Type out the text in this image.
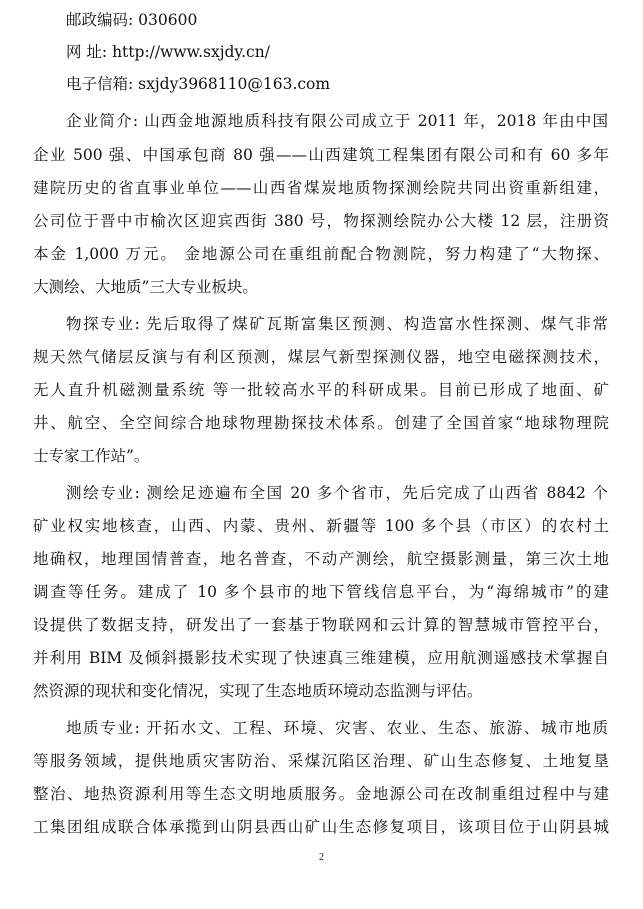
邮政编码: 030600
网 址: http://www.sxjdy.cn/
电子信箱: sxjdy3968110@163.com
企业简介: 山西金地源地质科技有限公司成立于 2011 年，2018 年由中国
企业 500 强、中国承包商 80 强——山西建筑工程集团有限公司和有 60 多年
建院历史的省直事业单位——山西省煤炭地质物探测绘院共同出资重新组建，
公司位于晋中市榆次区迎宾西街 380 号，物探测绘院办公大楼 12 层，注册资
本金 1,000 万元。 金地源公司在重组前配合物测院，努力构建了“大物探、
大测绘、大地质”三大专业板块。
物探专业: 先后取得了煤矿瓦斯富集区预测、构造富水性探测、煤气非常
规天然气储层反演与有利区预测，煤层气新型探测仪器，地空电磁探测技术，
无人直升机磁测量系统 等一批较高水平的科研成果。目前已形成了地面、矿
井、航空、全空间综合地球物理勘探技术体系。创建了全国首家“地球物理院
士专家工作站”。
测绘专业: 测绘足迹遍布全国 20 多个省市，先后完成了山西省 8842 个
矿业权实地核查，山西、内蒙、贵州、新疆等 100 多个县（市区）的农村土
地确权，地理国情普查，地名普查，不动产测绘，航空摄影测量，第三次土地
调查等任务。建成了 10 多个县市的地下管线信息平台，为“海绵城市”的建
设提供了数据支持，研发出了一套基于物联网和云计算的智慧城市管控平台，
并利用 BIM 及倾斜摄影技术实现了快速真三维建模，应用航测遥感技术掌握自
然资源的现状和变化情况，实现了生态地质环境动态监测与评估。
地质专业: 开拓水文、工程、环境、灾害、农业、生态、旅游、城市地质
等服务领域，提供地质灾害防治、采煤沉陷区治理、矿山生态修复、土地复垦
整治、地热资源利用等生态文明地质服务。金地源公司在改制重组过程中与建
工集团组成联合体承揽到山阴县西山矿山生态修复项目，该项目位于山阴县城
2
